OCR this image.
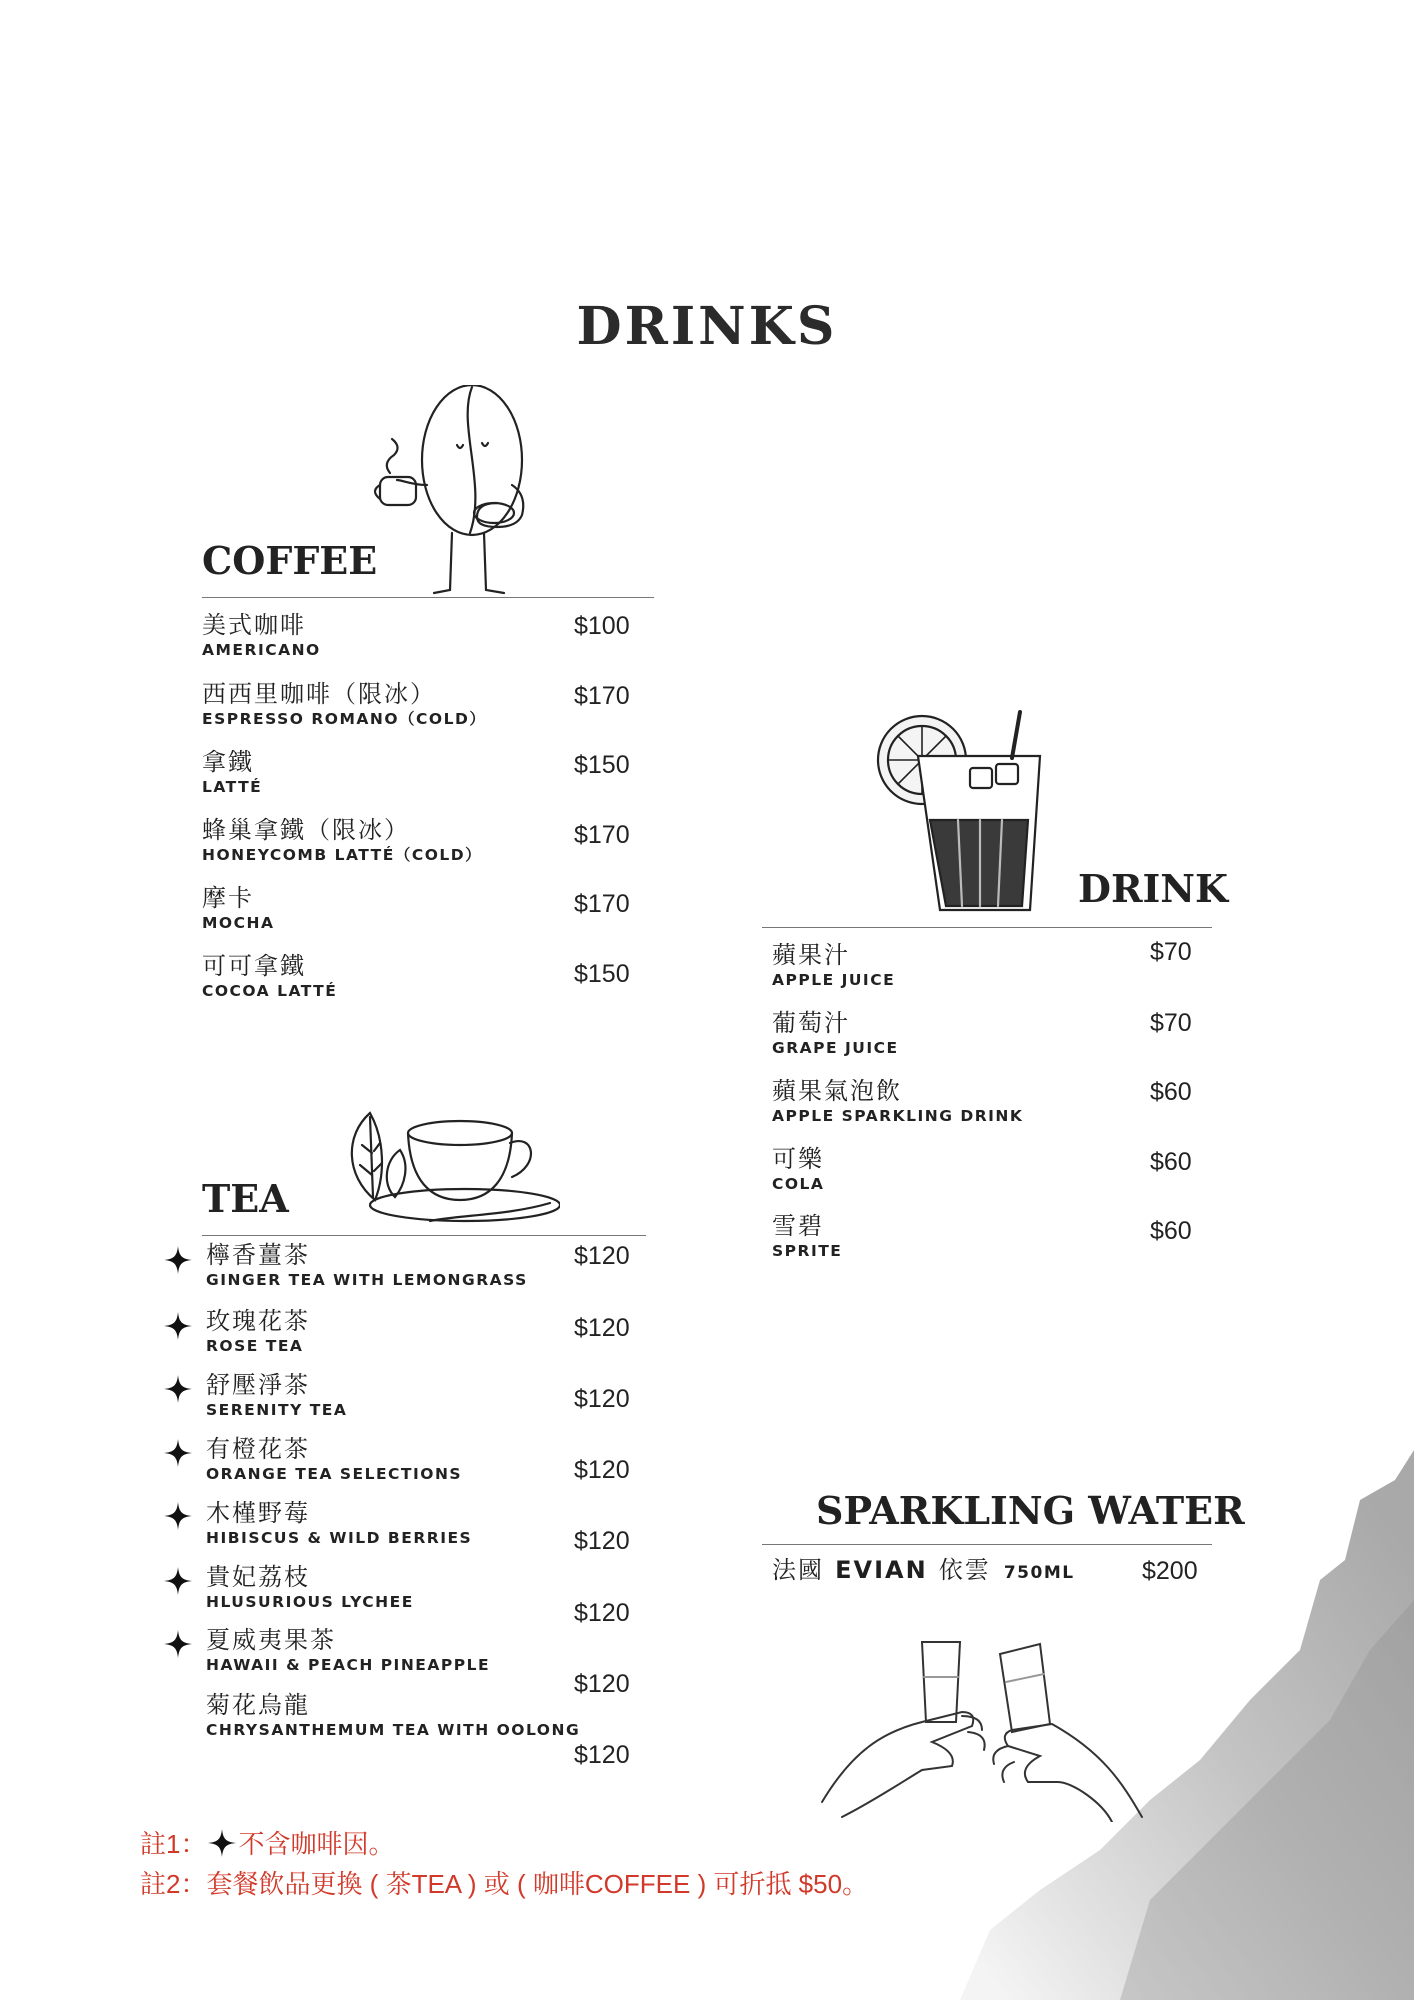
DRINKS
COFFEE
美式咖啡
AMERICANO
$100
西西里咖啡（限冰）
ESPRESSO ROMANO（COLD）
$170
拿鐵
LATTÉ
$150
蜂巢拿鐵（限冰）
HONEYCOMB LATTÉ（COLD）
$170
摩卡
MOCHA
$170
可可拿鐵
COCOA LATTÉ
$150
TEA
檸香薑茶
GINGER TEA WITH LEMONGRASS
$120
玫瑰花茶
ROSE TEA
$120
舒壓淨茶
SERENITY TEA	$120
有橙花茶
ORANGE TEA SELECTIONS	$120
木槿野莓
HIBISCUS & WILD BERRIES	$120
貴妃荔枝
HLUSURIOUS LYCHEE	$120
夏威夷果茶
HAWAII & PEACH PINEAPPLE
$120
菊花烏龍
CHRYSANTHEMUM TEA WITH OOLONG
$120
DRINK
蘋果汁
APPLE JUICE
$70
葡萄汁
GRAPE JUICE
$70
蘋果氣泡飲
APPLE SPARKLING DRINK
$60
可樂
COLA
$60
雪碧
SPRITE
$60
SPARKLING WATER
法國 EVIAN 依雲 750ML	$200
註1： 不含咖啡因。
註2：套餐飲品更換 ( 茶TEA ) 或 ( 咖啡COFFEE ) 可折抵 $50。
